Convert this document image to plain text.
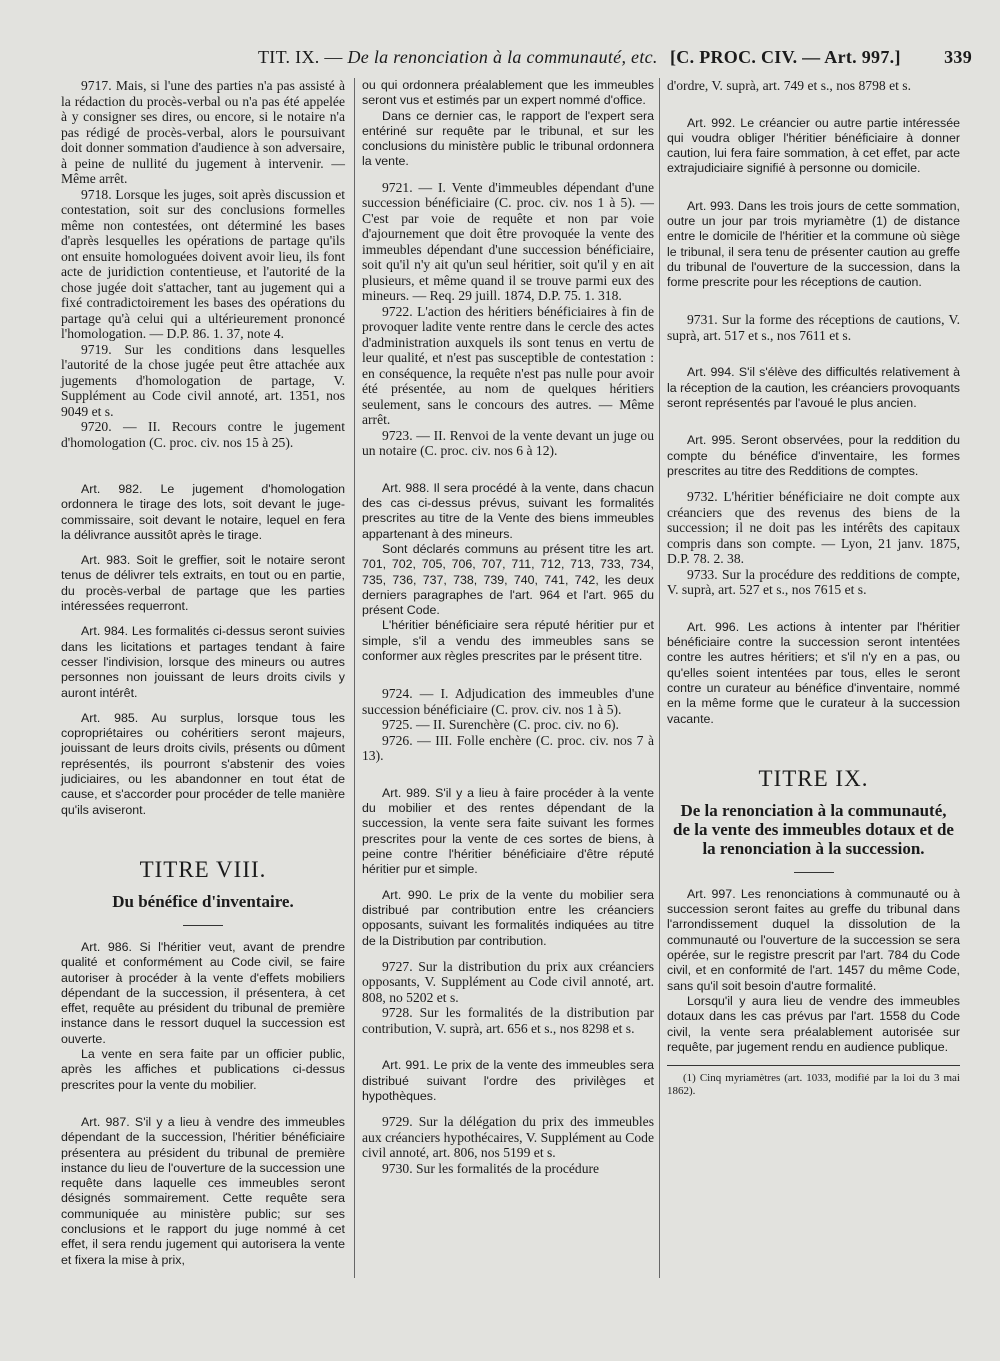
TIT. IX. — De la renonciation à la communauté, etc. [C. PROC. CIV. — Art. 997.] 339

9717. Mais, si l'une des parties n'a pas assisté à la rédaction du procès-verbal ou n'a pas été appelée à y consigner ses dires, ou encore, si le notaire n'a pas rédigé de procès-verbal, alors le poursuivant doit donner sommation d'audience à son adversaire, à peine de nullité du jugement à intervenir. — Même arrêt.

9718. Lorsque les juges, soit après discussion et contestation, soit sur des conclusions formelles même non contestées, ont déterminé les bases d'après lesquelles les opérations de partage qu'ils ont ensuite homologuées doivent avoir lieu, ils font acte de juridiction contentieuse, et l'autorité de la chose jugée doit s'attacher, tant au jugement qui a fixé contradictoirement les bases des opérations du partage qu'à celui qui a ultérieurement prononcé l'homologation. — D.P. 86. 1. 37, note 4.

9719. Sur les conditions dans lesquelles l'autorité de la chose jugée peut être attachée aux jugements d'homologation de partage, V. Supplément au Code civil annoté, art. 1351, nos 9049 et s.

9720. — II. Recours contre le jugement d'homologation (C. proc. civ. nos 15 à 25).

Art. 982. Le jugement d'homologation ordonnera le tirage des lots, soit devant le juge-commissaire, soit devant le notaire, lequel en fera la délivrance aussitôt après le tirage.

Art. 983. Soit le greffier, soit le notaire seront tenus de délivrer tels extraits, en tout ou en partie, du procès-verbal de partage que les parties intéressées requerront.

Art. 984. Les formalités ci-dessus seront suivies dans les licitations et partages tendant à faire cesser l'indivision, lorsque des mineurs ou autres personnes non jouissant de leurs droits civils y auront intérêt.

Art. 985. Au surplus, lorsque tous les copropriétaires ou cohéritiers seront majeurs, jouissant de leurs droits civils, présents ou dûment représentés, ils pourront s'abstenir des voies judiciaires, ou les abandonner en tout état de cause, et s'accorder pour procéder de telle manière qu'ils aviseront.

TITRE VIII.
Du bénéfice d'inventaire.

Art. 986. Si l'héritier veut, avant de prendre qualité et conformément au Code civil, se faire autoriser à procéder à la vente d'effets mobiliers dépendant de la succession, il présentera, à cet effet, requête au président du tribunal de première instance dans le ressort duquel la succession est ouverte.

La vente en sera faite par un officier public, après les affiches et publications ci-dessus prescrites pour la vente du mobilier.

Art. 987. S'il y a lieu à vendre des immeubles dépendant de la succession, l'héritier bénéficiaire présentera au président du tribunal de première instance du lieu de l'ouverture de la succession une requête dans laquelle ces immeubles seront désignés sommairement. Cette requête sera communiquée au ministère public; sur ses conclusions et le rapport du juge nommé à cet effet, il sera rendu jugement qui autorisera la vente et fixera la mise à prix,

ou qui ordonnera préalablement que les immeubles seront vus et estimés par un expert nommé d'office.

Dans ce dernier cas, le rapport de l'expert sera entériné sur requête par le tribunal, et sur les conclusions du ministère public le tribunal ordonnera la vente.

9721. — I. Vente d'immeubles dépendant d'une succession bénéficiaire (C. proc. civ. nos 1 à 5). — C'est par voie de requête et non par voie d'ajournement que doit être provoquée la vente des immeubles dépendant d'une succession bénéficiaire, soit qu'il n'y ait qu'un seul héritier, soit qu'il y en ait plusieurs, et même quand il se trouve parmi eux des mineurs. — Req. 29 juill. 1874, D.P. 75. 1. 318.

9722. L'action des héritiers bénéficiaires à fin de provoquer ladite vente rentre dans le cercle des actes d'administration auxquels ils sont tenus en vertu de leur qualité, et n'est pas susceptible de contestation : en conséquence, la requête n'est pas nulle pour avoir été présentée, au nom de quelques héritiers seulement, sans le concours des autres. — Même arrêt.

9723. — II. Renvoi de la vente devant un juge ou un notaire (C. proc. civ. nos 6 à 12).

Art. 988. Il sera procédé à la vente, dans chacun des cas ci-dessus prévus, suivant les formalités prescrites au titre de la Vente des biens immeubles appartenant à des mineurs.

Sont déclarés communs au présent titre les art. 701, 702, 705, 706, 707, 711, 712, 713, 733, 734, 735, 736, 737, 738, 739, 740, 741, 742, les deux derniers paragraphes de l'art. 964 et l'art. 965 du présent Code.

L'héritier bénéficiaire sera réputé héritier pur et simple, s'il a vendu des immeubles sans se conformer aux règles prescrites par le présent titre.

9724. — I. Adjudication des immeubles d'une succession bénéficiaire (C. prov. civ. nos 1 à 5).

9725. — II. Surenchère (C. proc. civ. no 6).

9726. — III. Folle enchère (C. proc. civ. nos 7 à 13).

Art. 989. S'il y a lieu à faire procéder à la vente du mobilier et des rentes dépendant de la succession, la vente sera faite suivant les formes prescrites pour la vente de ces sortes de biens, à peine contre l'héritier bénéficiaire d'être réputé héritier pur et simple.

Art. 990. Le prix de la vente du mobilier sera distribué par contribution entre les créanciers opposants, suivant les formalités indiquées au titre de la Distribution par contribution.

9727. Sur la distribution du prix aux créanciers opposants, V. Supplément au Code civil annoté, art. 808, no 5202 et s.

9728. Sur les formalités de la distribution par contribution, V. suprà, art. 656 et s., nos 8298 et s.

Art. 991. Le prix de la vente des immeubles sera distribué suivant l'ordre des privilèges et hypothèques.

9729. Sur la délégation du prix des immeubles aux créanciers hypothécaires, V. Supplément au Code civil annoté, art. 806, nos 5199 et s.

9730. Sur les formalités de la procédure

d'ordre, V. suprà, art. 749 et s., nos 8798 et s.

Art. 992. Le créancier ou autre partie intéressée qui voudra obliger l'héritier bénéficiaire à donner caution, lui fera faire sommation, à cet effet, par acte extrajudiciaire signifié à personne ou domicile.

Art. 993. Dans les trois jours de cette sommation, outre un jour par trois myriamètre (1) de distance entre le domicile de l'héritier et la commune où siège le tribunal, il sera tenu de présenter caution au greffe du tribunal de l'ouverture de la succession, dans la forme prescrite pour les réceptions de caution.

9731. Sur la forme des réceptions de cautions, V. suprà, art. 517 et s., nos 7611 et s.

Art. 994. S'il s'élève des difficultés relativement à la réception de la caution, les créanciers provoquants seront représentés par l'avoué le plus ancien.

Art. 995. Seront observées, pour la reddition du compte du bénéfice d'inventaire, les formes prescrites au titre des Redditions de comptes.

9732. L'héritier bénéficiaire ne doit compte aux créanciers que des revenus des biens de la succession; il ne doit pas les intérêts des capitaux compris dans son compte. — Lyon, 21 janv. 1875, D.P. 78. 2. 38.

9733. Sur la procédure des redditions de compte, V. suprà, art. 527 et s., nos 7615 et s.

Art. 996. Les actions à intenter par l'héritier bénéficiaire contre la succession seront intentées contre les autres héritiers; et s'il n'y en a pas, ou qu'elles soient intentées par tous, elles le seront contre un curateur au bénéfice d'inventaire, nommé en la même forme que le curateur à la succession vacante.

TITRE IX.
De la renonciation à la communauté, de la vente des immeubles dotaux et de la renonciation à la succession.

Art. 997. Les renonciations à communauté ou à succession seront faites au greffe du tribunal dans l'arrondissement duquel la dissolution de la communauté ou l'ouverture de la succession se sera opérée, sur le registre prescrit par l'art. 784 du Code civil, et en conformité de l'art. 1457 du même Code, sans qu'il soit besoin d'autre formalité.

Lorsqu'il y aura lieu de vendre des immeubles dotaux dans les cas prévus par l'art. 1558 du Code civil, la vente sera préalablement autorisée sur requête, par jugement rendu en audience publique.

(1) Cinq myriamètres (art. 1033, modifié par la loi du 3 mai 1862).
